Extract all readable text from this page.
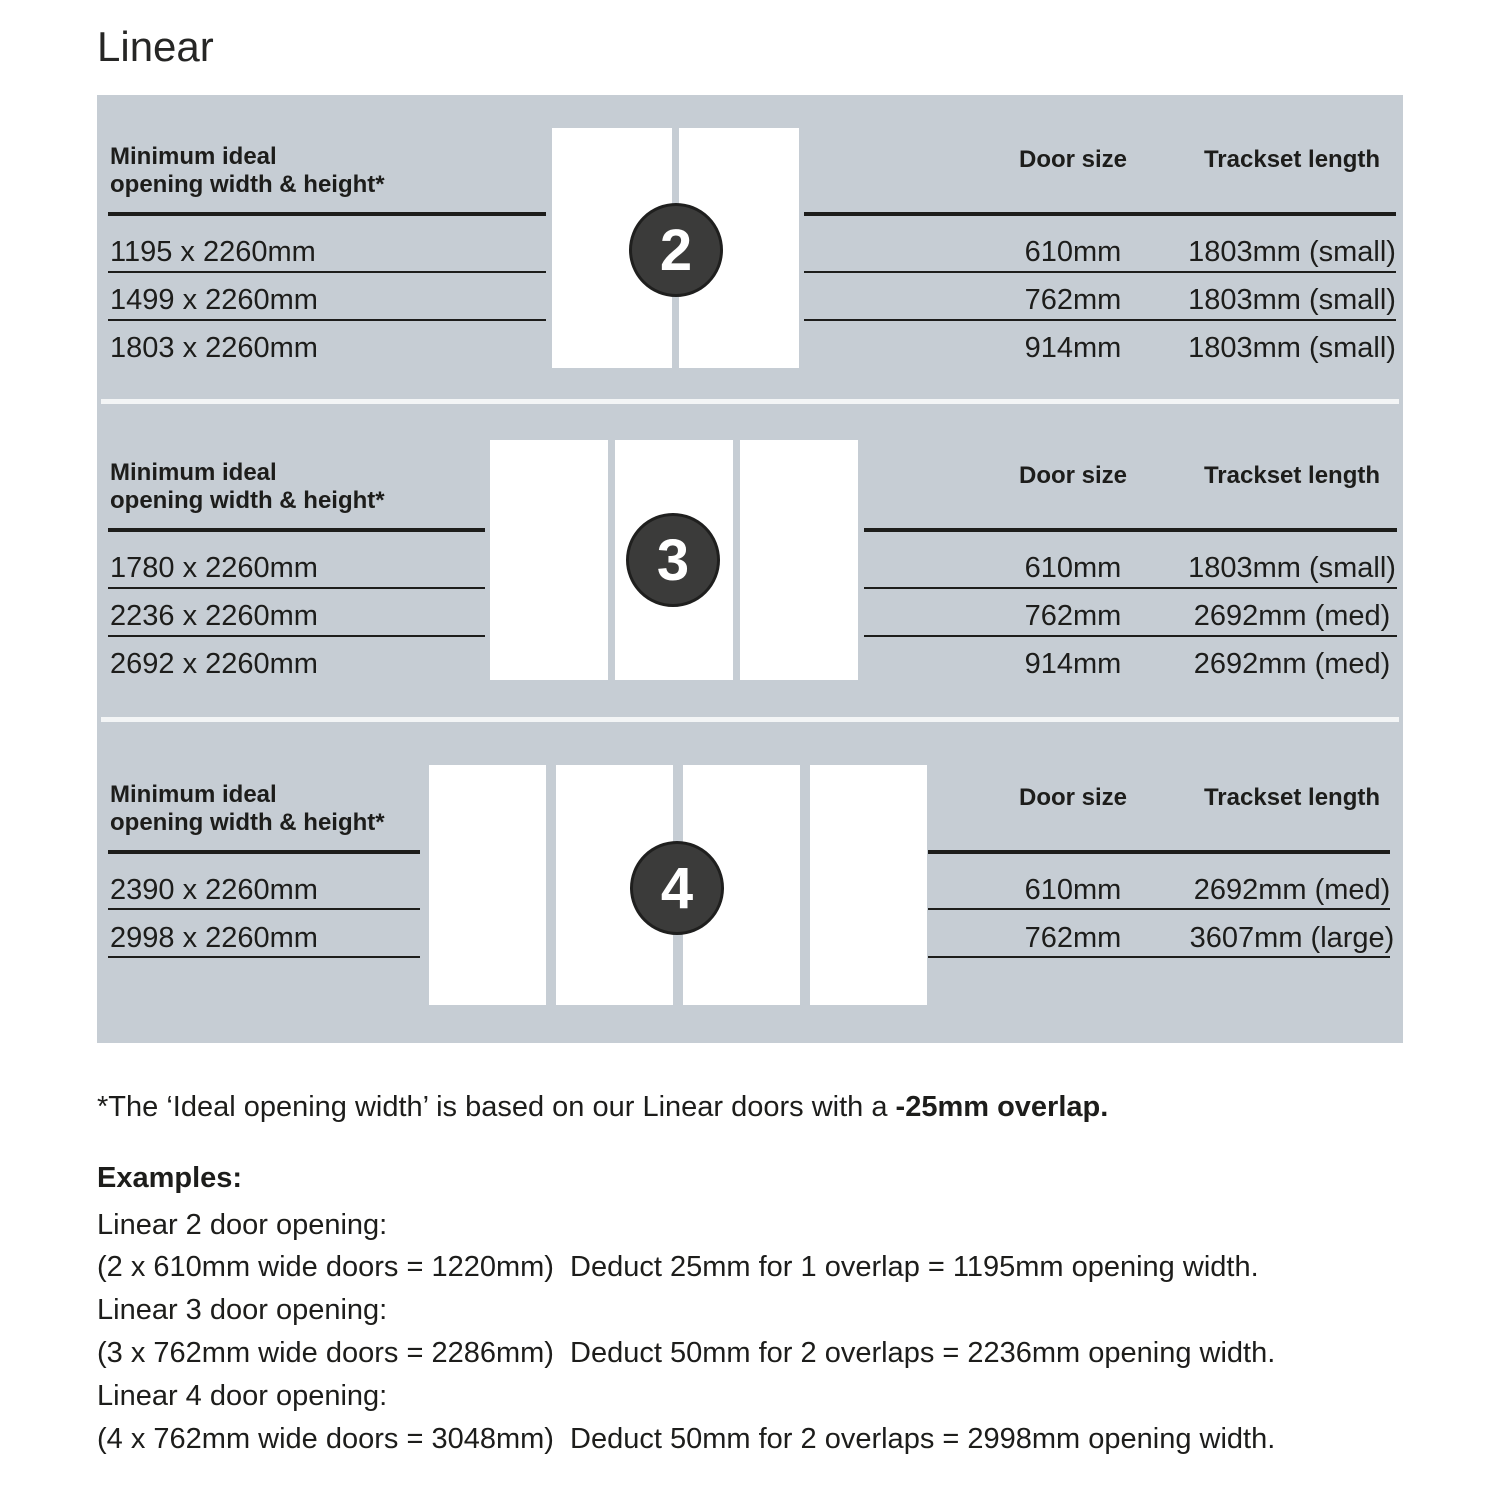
Linear
Minimum ideal
opening width & height*
Door size	Trackset length
1195 x 2260mm	610mm	1803mm (small)
1499 x 2260mm	762mm	1803mm (small)
1803 x 2260mm	914mm	1803mm (small)
2
Minimum ideal
opening width & height*
Door size	Trackset length
1780 x 2260mm	610mm	1803mm (small)
2236 x 2260mm	762mm	2692mm (med)
2692 x 2260mm	914mm	2692mm (med)
3
Minimum ideal
opening width & height*
Door size	Trackset length
2390 x 2260mm	610mm	2692mm (med)
2998 x 2260mm	762mm	3607mm (large)
4
*The ‘Ideal opening width’ is based on our Linear doors with a -25mm overlap.
Examples:
Linear 2 door opening:
(2 x 610mm wide doors = 1220mm)  Deduct 25mm for 1 overlap = 1195mm opening width.
Linear 3 door opening:
(3 x 762mm wide doors = 2286mm)  Deduct 50mm for 2 overlaps = 2236mm opening width.
Linear 4 door opening:
(4 x 762mm wide doors = 3048mm)  Deduct 50mm for 2 overlaps = 2998mm opening width.
